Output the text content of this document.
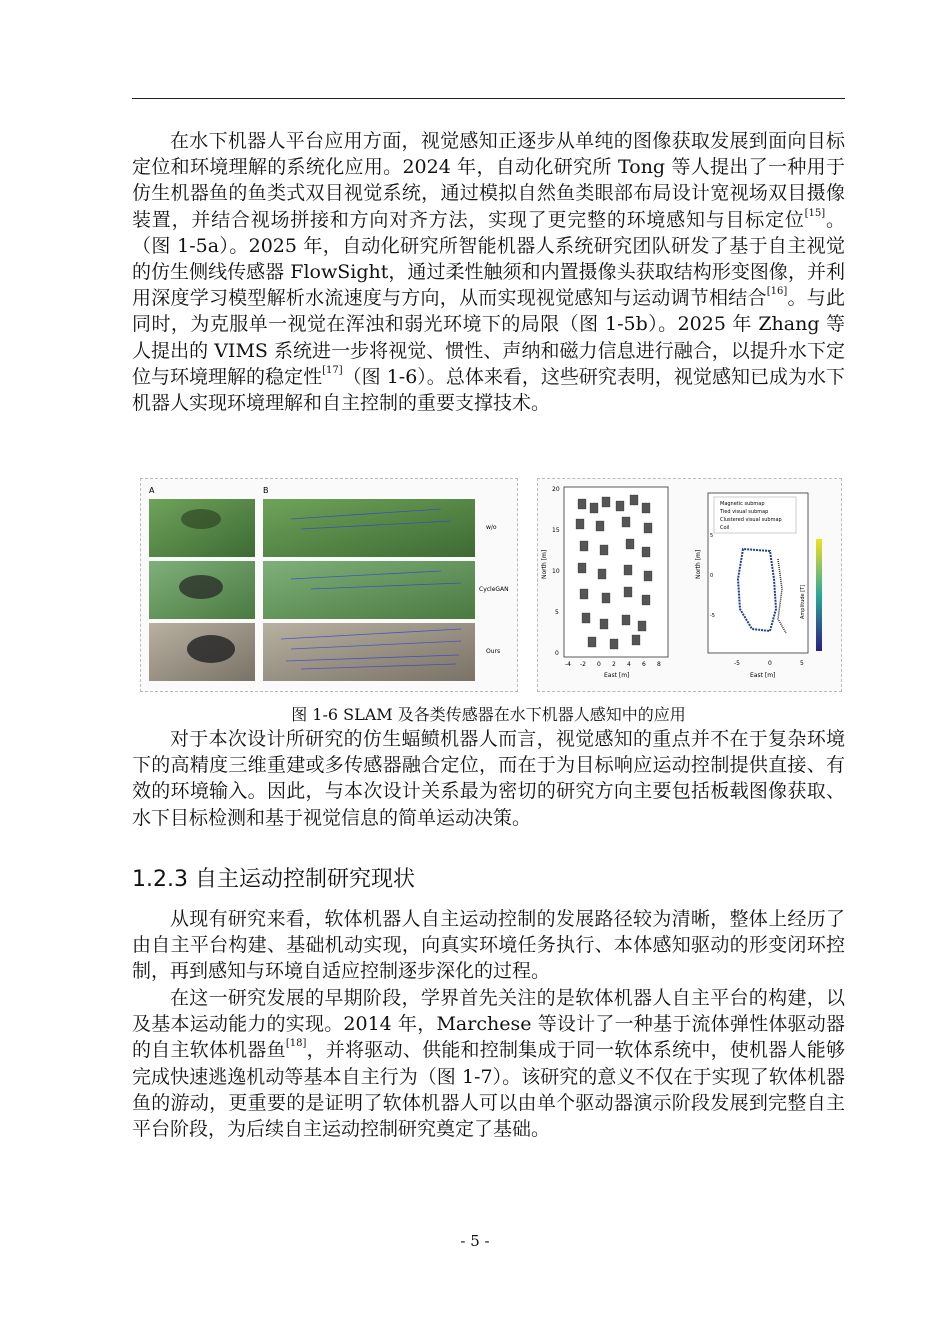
在水下机器人平台应用方面，视觉感知正逐步从单纯的图像获取发展到面向目标定位和环境理解的系统化应用。2024 年，自动化研究所 Tong 等人提出了一种用于仿生机器鱼的鱼类式双目视觉系统，通过模拟自然鱼类眼部布局设计宽视场双目摄像装置，并结合视场拼接和方向对齐方法，实现了更完整的环境感知与目标定位[15]。（图 1-5a）。2025 年，自动化研究所智能机器人系统研究团队研发了基于自主视觉的仿生侧线传感器 FlowSight，通过柔性触须和内置摄像头获取结构形变图像，并利用深度学习模型解析水流速度与方向，从而实现视觉感知与运动调节相结合[16]。与此同时，为克服单一视觉在浑浊和弱光环境下的局限（图 1-5b）。2025 年 Zhang 等人提出的 VIMS 系统进一步将视觉、惯性、声纳和磁力信息进行融合，以提升水下定位与环境理解的稳定性[17]（图 1-6）。总体来看，这些研究表明，视觉感知已成为水下机器人实现环境理解和自主控制的重要支撑技术。

A	B
w/o
CycleGAN
Ours
North [m]
20
15
10
5
0
-4 -2 0 2 4 6 8
East [m]
North [m]
5
0
-5
-5	0	5
East [m]
Magnetic submap
Tied visual submap
Clustered visual submap
Coil
Amplitude [T]

图 1-6 SLAM 及各类传感器在水下机器人感知中的应用

对于本次设计所研究的仿生蝠鲼机器人而言，视觉感知的重点并不在于复杂环境下的高精度三维重建或多传感器融合定位，而在于为目标响应运动控制提供直接、有效的环境输入。因此，与本次设计关系最为密切的研究方向主要包括板载图像获取、水下目标检测和基于视觉信息的简单运动决策。

1.2.3 自主运动控制研究现状

从现有研究来看，软体机器人自主运动控制的发展路径较为清晰，整体上经历了由自主平台构建、基础机动实现，向真实环境任务执行、本体感知驱动的形变闭环控制，再到感知与环境自适应控制逐步深化的过程。

在这一研究发展的早期阶段，学界首先关注的是软体机器人自主平台的构建，以及基本运动能力的实现。2014 年，Marchese 等设计了一种基于流体弹性体驱动器的自主软体机器鱼[18]，并将驱动、供能和控制集成于同一软体系统中，使机器人能够完成快速逃逸机动等基本自主行为（图 1-7）。该研究的意义不仅在于实现了软体机器鱼的游动，更重要的是证明了软体机器人可以由单个驱动器演示阶段发展到完整自主平台阶段，为后续自主运动控制研究奠定了基础。

- 5 -
